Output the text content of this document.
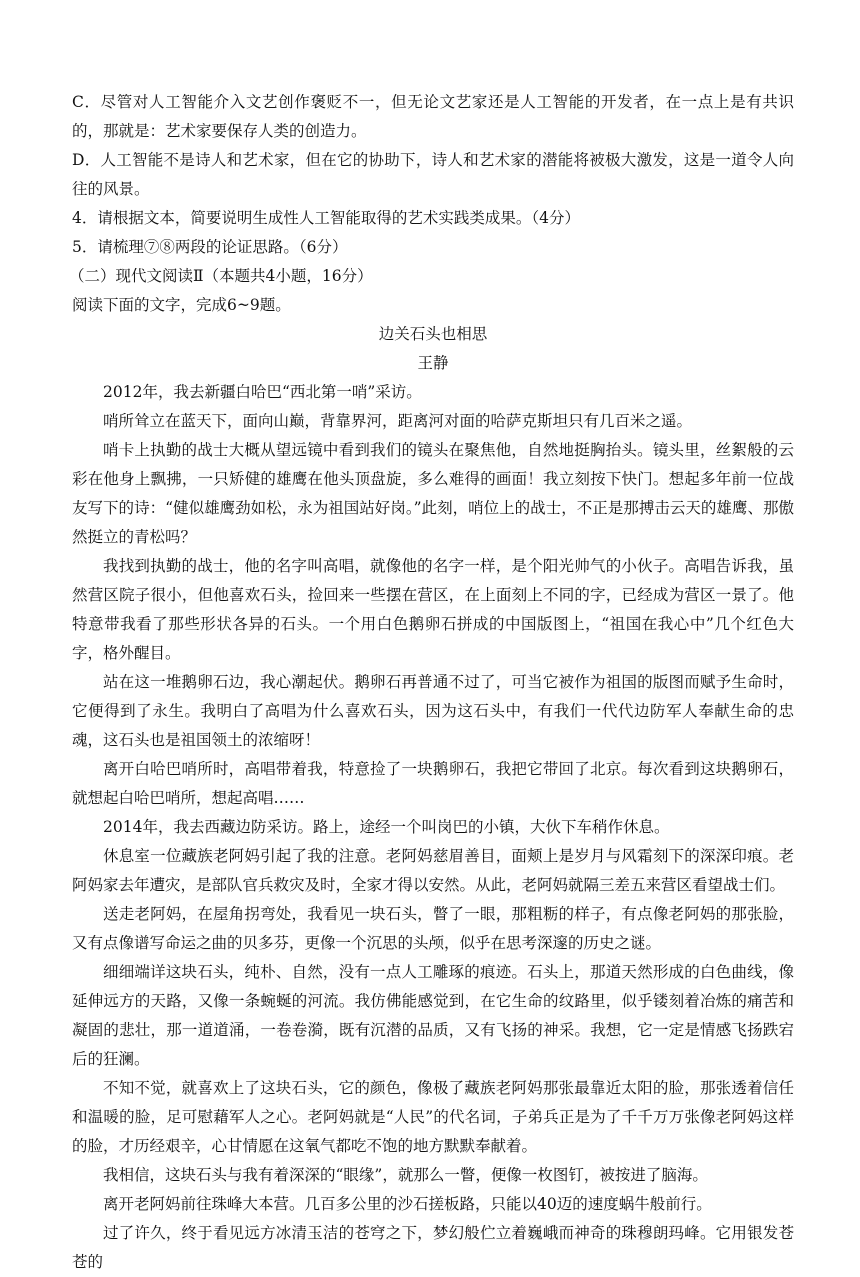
C．尽管对人工智能介入文艺创作褒贬不一，但无论文艺家还是人工智能的开发者，在一点上是有共识的，那就是：艺术家要保存人类的创造力。

D．人工智能不是诗人和艺术家，但在它的协助下，诗人和艺术家的潜能将被极大激发，这是一道令人向往的风景。

4．请根据文本，简要说明生成性人工智能取得的艺术实践类成果。（4分）

5．请梳理⑦⑧两段的论证思路。（6分）

（二）现代文阅读Ⅱ（本题共4小题，16分）

阅读下面的文字，完成6~9题。

边关石头也相思

王静

2012年，我去新疆白哈巴“西北第一哨”采访。

哨所耸立在蓝天下，面向山巅，背靠界河，距离河对面的哈萨克斯坦只有几百米之遥。

哨卡上执勤的战士大概从望远镜中看到我们的镜头在聚焦他，自然地挺胸抬头。镜头里，丝絮般的云彩在他身上飘拂，一只矫健的雄鹰在他头顶盘旋，多么难得的画面！我立刻按下快门。想起多年前一位战友写下的诗：“健似雄鹰劲如松，永为祖国站好岗。”此刻，哨位上的战士，不正是那搏击云天的雄鹰、那傲然挺立的青松吗？

我找到执勤的战士，他的名字叫高唱，就像他的名字一样，是个阳光帅气的小伙子。高唱告诉我，虽然营区院子很小，但他喜欢石头，捡回来一些摆在营区，在上面刻上不同的字，已经成为营区一景了。他特意带我看了那些形状各异的石头。一个用白色鹅卵石拼成的中国版图上，“祖国在我心中”几个红色大字，格外醒目。

站在这一堆鹅卵石边，我心潮起伏。鹅卵石再普通不过了，可当它被作为祖国的版图而赋予生命时，它便得到了永生。我明白了高唱为什么喜欢石头，因为这石头中，有我们一代代边防军人奉献生命的忠魂，这石头也是祖国领土的浓缩呀！

离开白哈巴哨所时，高唱带着我，特意捡了一块鹅卵石，我把它带回了北京。每次看到这块鹅卵石，就想起白哈巴哨所，想起高唱……

2014年，我去西藏边防采访。路上，途经一个叫岗巴的小镇，大伙下车稍作休息。

休息室一位藏族老阿妈引起了我的注意。老阿妈慈眉善目，面颊上是岁月与风霜刻下的深深印痕。老阿妈家去年遭灾，是部队官兵救灾及时，全家才得以安然。从此，老阿妈就隔三差五来营区看望战士们。

送走老阿妈，在屋角拐弯处，我看见一块石头，瞥了一眼，那粗粝的样子，有点像老阿妈的那张脸，又有点像谱写命运之曲的贝多芬，更像一个沉思的头颅，似乎在思考深邃的历史之谜。

细细端详这块石头，纯朴、自然，没有一点人工雕琢的痕迹。石头上，那道天然形成的白色曲线，像延伸远方的天路，又像一条蜿蜒的河流。我仿佛能感觉到，在它生命的纹路里，似乎镂刻着冶炼的痛苦和凝固的悲壮，那一道道涌，一卷卷漪，既有沉潜的品质，又有飞扬的神采。我想，它一定是情感飞扬跌宕后的狂澜。

不知不觉，就喜欢上了这块石头，它的颜色，像极了藏族老阿妈那张最靠近太阳的脸，那张透着信任和温暖的脸，足可慰藉军人之心。老阿妈就是“人民”的代名词，子弟兵正是为了千千万万张像老阿妈这样的脸，才历经艰辛，心甘情愿在这氧气都吃不饱的地方默默奉献着。

我相信，这块石头与我有着深深的“眼缘”，就那么一瞥，便像一枚图钉，被按进了脑海。

离开老阿妈前往珠峰大本营。几百多公里的沙石搓板路，只能以40迈的速度蜗牛般前行。

过了许久，终于看见远方冰清玉洁的苍穹之下，梦幻般伫立着巍峨而神奇的珠穆朗玛峰。它用银发苍苍的
